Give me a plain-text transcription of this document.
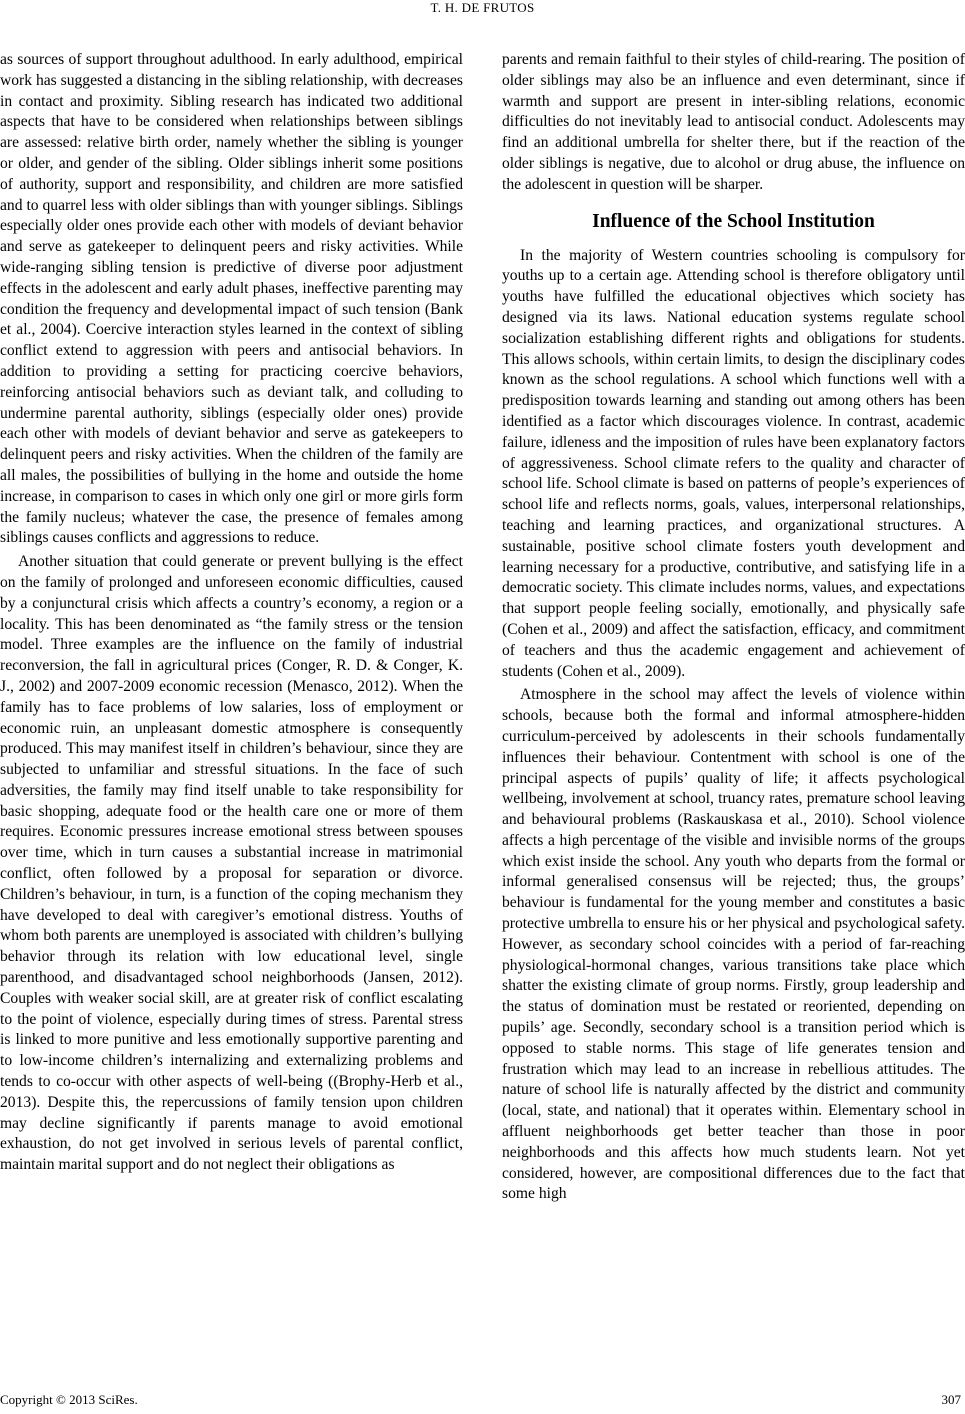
T. H. DE FRUTOS

as sources of support throughout adulthood. In early adulthood, empirical work has suggested a distancing in the sibling relationship, with decreases in contact and proximity. Sibling research has indicated two additional aspects that have to be considered when relationships between siblings are assessed: relative birth order, namely whether the sibling is younger or older, and gender of the sibling. Older siblings inherit some positions of authority, support and responsibility, and children are more satisfied and to quarrel less with older siblings than with younger siblings. Siblings especially older ones provide each other with models of deviant behavior and serve as gatekeeper to delinquent peers and risky activities. While wide-ranging sibling tension is predictive of diverse poor adjustment effects in the adolescent and early adult phases, ineffective parenting may condition the frequency and developmental impact of such tension (Bank et al., 2004). Coercive interaction styles learned in the context of sibling conflict extend to aggression with peers and antisocial behaviors. In addition to providing a setting for practicing coercive behaviors, reinforcing antisocial behaviors such as deviant talk, and colluding to undermine parental authority, siblings (especially older ones) provide each other with models of deviant behavior and serve as gatekeepers to delinquent peers and risky activities. When the children of the family are all males, the possibilities of bullying in the home and outside the home increase, in comparison to cases in which only one girl or more girls form the family nucleus; whatever the case, the presence of females among siblings causes conflicts and aggressions to reduce.

Another situation that could generate or prevent bullying is the effect on the family of prolonged and unforeseen economic difficulties, caused by a conjunctural crisis which affects a country’s economy, a region or a locality. This has been denominated as “the family stress or the tension model. Three examples are the influence on the family of industrial reconversion, the fall in agricultural prices (Conger, R. D. & Conger, K. J., 2002) and 2007-2009 economic recession (Menasco, 2012). When the family has to face problems of low salaries, loss of employment or economic ruin, an unpleasant domestic atmosphere is consequently produced. This may manifest itself in children’s behaviour, since they are subjected to unfamiliar and stressful situations. In the face of such adversities, the family may find itself unable to take responsibility for basic shopping, adequate food or the health care one or more of them requires. Economic pressures increase emotional stress between spouses over time, which in turn causes a substantial increase in matrimonial conflict, often followed by a proposal for separation or divorce. Children’s behaviour, in turn, is a function of the coping mechanism they have developed to deal with caregiver’s emotional distress. Youths of whom both parents are unemployed is associated with children’s bullying behavior through its relation with low educational level, single parenthood, and disadvantaged school neighborhoods (Jansen, 2012). Couples with weaker social skill, are at greater risk of conflict escalating to the point of violence, especially during times of stress. Parental stress is linked to more punitive and less emotionally supportive parenting and to low-income children’s internalizing and externalizing problems and tends to co-occur with other aspects of well-being ((Brophy-Herb et al., 2013). Despite this, the repercussions of family tension upon children may decline significantly if parents manage to avoid emotional exhaustion, do not get involved in serious levels of parental conflict, maintain marital support and do not neglect their obligations as

parents and remain faithful to their styles of child-rearing. The position of older siblings may also be an influence and even determinant, since if warmth and support are present in inter-sibling relations, economic difficulties do not inevitably lead to antisocial conduct. Adolescents may find an additional umbrella for shelter there, but if the reaction of the older siblings is negative, due to alcohol or drug abuse, the influence on the adolescent in question will be sharper.

Influence of the School Institution

In the majority of Western countries schooling is compulsory for youths up to a certain age. Attending school is therefore obligatory until youths have fulfilled the educational objectives which society has designed via its laws. National education systems regulate school socialization establishing different rights and obligations for students. This allows schools, within certain limits, to design the disciplinary codes known as the school regulations. A school which functions well with a predisposition towards learning and standing out among others has been identified as a factor which discourages violence. In contrast, academic failure, idleness and the imposition of rules have been explanatory factors of aggressiveness. School climate refers to the quality and character of school life. School climate is based on patterns of people’s experiences of school life and reflects norms, goals, values, interpersonal relationships, teaching and learning practices, and organizational structures. A sustainable, positive school climate fosters youth development and learning necessary for a productive, contributive, and satisfying life in a democratic society. This climate includes norms, values, and expectations that support people feeling socially, emotionally, and physically safe (Cohen et al., 2009) and affect the satisfaction, efficacy, and commitment of teachers and thus the academic engagement and achievement of students (Cohen et al., 2009).

Atmosphere in the school may affect the levels of violence within schools, because both the formal and informal atmosphere-hidden curriculum-perceived by adolescents in their schools fundamentally influences their behaviour. Contentment with school is one of the principal aspects of pupils’ quality of life; it affects psychological wellbeing, involvement at school, truancy rates, premature school leaving and behavioural problems (Raskauskasa et al., 2010). School violence affects a high percentage of the visible and invisible norms of the groups which exist inside the school. Any youth who departs from the formal or informal generalised consensus will be rejected; thus, the groups’ behaviour is fundamental for the young member and constitutes a basic protective umbrella to ensure his or her physical and psychological safety. However, as secondary school coincides with a period of far-reaching physiological-hormonal changes, various transitions take place which shatter the existing climate of group norms. Firstly, group leadership and the status of domination must be restated or reoriented, depending on pupils’ age. Secondly, secondary school is a transition period which is opposed to stable norms. This stage of life generates tension and frustration which may lead to an increase in rebellious attitudes. The nature of school life is naturally affected by the district and community (local, state, and national) that it operates within. Elementary school in affluent neighborhoods get better teacher than those in poor neighborhoods and this affects how much students learn. Not yet considered, however, are compositional differences due to the fact that some high

Copyright © 2013 SciRes.	307
